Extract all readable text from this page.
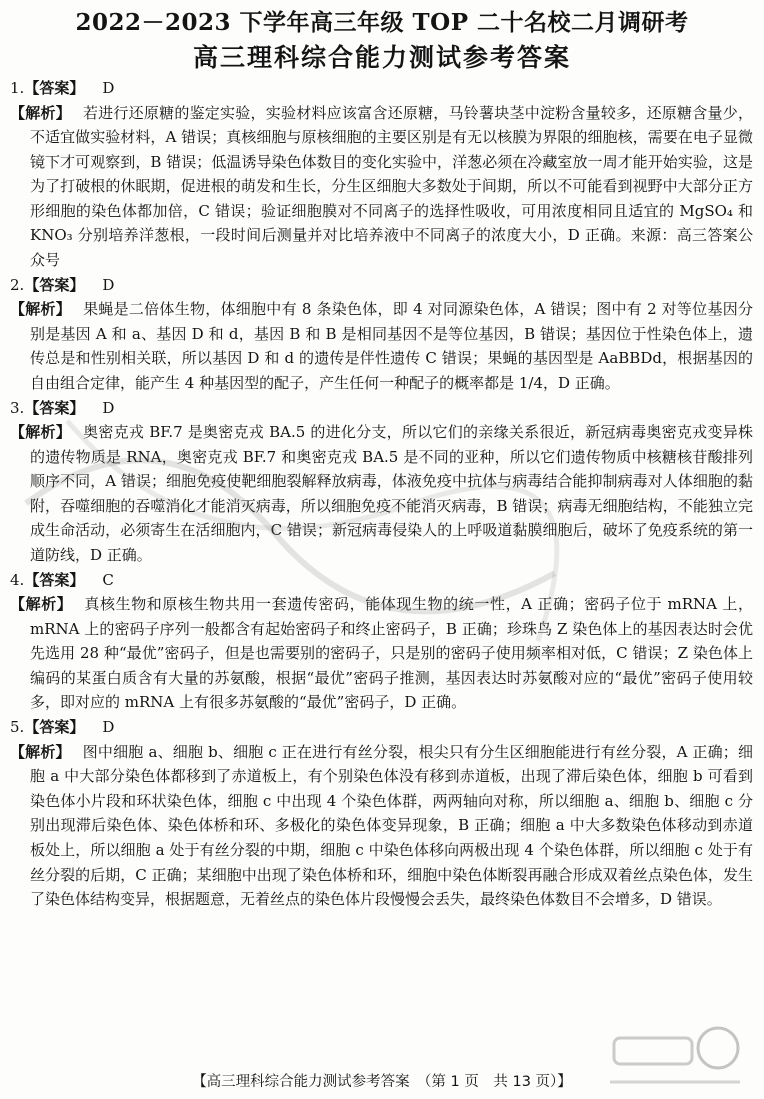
2022－2023 下学年高三年级 TOP 二十名校二月调研考
高三理科综合能力测试参考答案
1.【答案】 D
【解析】 若进行还原糖的鉴定实验，实验材料应该富含还原糖，马铃薯块茎中淀粉含量较多，还原糖含量少，不适宜做实验材料，A 错误；真核细胞与原核细胞的主要区别是有无以核膜为界限的细胞核，需要在电子显微镜下才可观察到，B 错误；低温诱导染色体数目的变化实验中，洋葱必须在冷藏室放一周才能开始实验，这是为了打破根的休眠期，促进根的萌发和生长，分生区细胞大多数处于间期，所以不可能看到视野中大部分正方形细胞的染色体都加倍，C 错误；验证细胞膜对不同离子的选择性吸收，可用浓度相同且适宜的 MgSO₄ 和 KNO₃ 分别培养洋葱根，一段时间后测量并对比培养液中不同离子的浓度大小，D 正确。来源：高三答案公众号
2.【答案】 D
【解析】 果蝇是二倍体生物，体细胞中有 8 条染色体，即 4 对同源染色体，A 错误；图中有 2 对等位基因分别是基因 A 和 a、基因 D 和 d，基因 B 和 B 是相同基因不是等位基因，B 错误；基因位于性染色体上，遗传总是和性别相关联，所以基因 D 和 d 的遗传是伴性遗传 C 错误；果蝇的基因型是 AaBBDd，根据基因的自由组合定律，能产生 4 种基因型的配子，产生任何一种配子的概率都是 1/4，D 正确。
3.【答案】 D
【解析】 奥密克戎 BF.7 是奥密克戎 BA.5 的进化分支，所以它们的亲缘关系很近，新冠病毒奥密克戎变异株的遗传物质是 RNA，奥密克戎 BF.7 和奥密克戎 BA.5 是不同的亚种，所以它们遗传物质中核糖核苷酸排列顺序不同，A 错误；细胞免疫使靶细胞裂解释放病毒，体液免疫中抗体与病毒结合能抑制病毒对人体细胞的黏附，吞噬细胞的吞噬消化才能消灭病毒，所以细胞免疫不能消灭病毒，B 错误；病毒无细胞结构，不能独立完成生命活动，必须寄生在活细胞内，C 错误；新冠病毒侵染人的上呼吸道黏膜细胞后，破坏了免疫系统的第一道防线，D 正确。
4.【答案】 C
【解析】 真核生物和原核生物共用一套遗传密码，能体现生物的统一性，A 正确；密码子位于 mRNA 上，mRNA 上的密码子序列一般都含有起始密码子和终止密码子，B 正确；珍珠鸟 Z 染色体上的基因表达时会优先选用 28 种“最优”密码子，但是也需要别的密码子，只是别的密码子使用频率相对低，C 错误；Z 染色体上编码的某蛋白质含有大量的苏氨酸，根据“最优”密码子推测，基因表达时苏氨酸对应的“最优”密码子使用较多，即对应的 mRNA 上有很多苏氨酸的“最优”密码子，D 正确。
5.【答案】 D
【解析】 图中细胞 a、细胞 b、细胞 c 正在进行有丝分裂，根尖只有分生区细胞能进行有丝分裂，A 正确；细胞 a 中大部分染色体都移到了赤道板上，有个别染色体没有移到赤道板，出现了滞后染色体，细胞 b 可看到染色体小片段和环状染色体，细胞 c 中出现 4 个染色体群，两两轴向对称，所以细胞 a、细胞 b、细胞 c 分别出现滞后染色体、染色体桥和环、多极化的染色体变异现象，B 正确；细胞 a 中大多数染色体移动到赤道板处上，所以细胞 a 处于有丝分裂的中期，细胞 c 中染色体移向两极出现 4 个染色体群，所以细胞 c 处于有丝分裂的后期，C 正确；某细胞中出现了染色体桥和环，细胞中染色体断裂再融合形成双着丝点染色体，发生了染色体结构变异，根据题意，无着丝点的染色体片段慢慢会丢失，最终染色体数目不会增多，D 错误。
【高三理科综合能力测试参考答案　（第 1 页　共 13 页）】
